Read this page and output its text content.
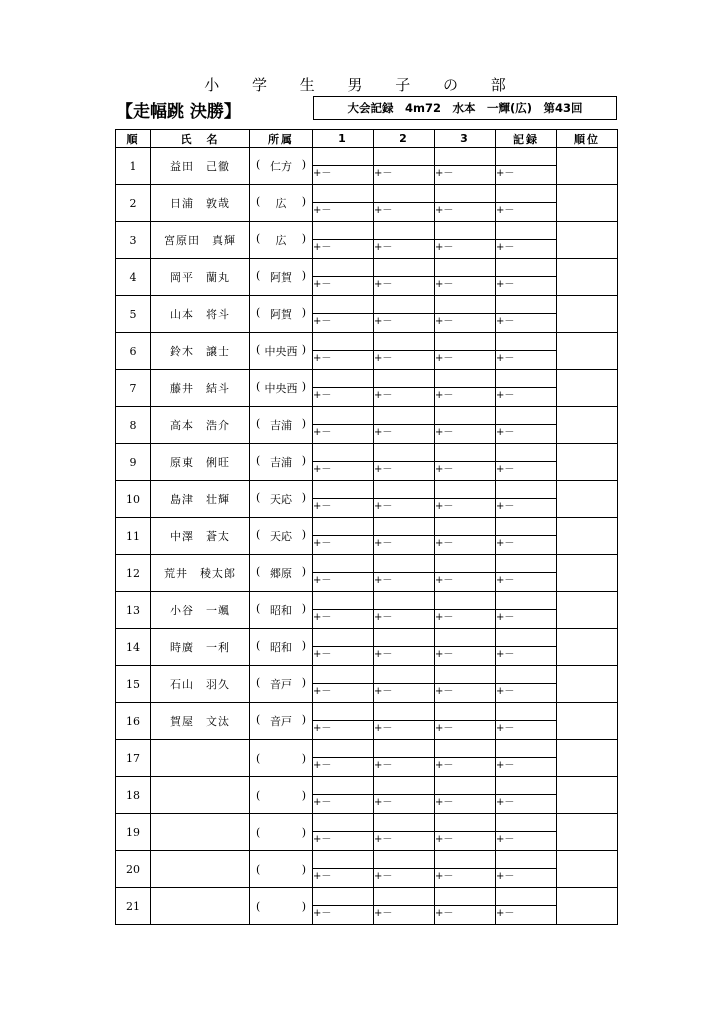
小 学 生 男 子 の 部
【走幅跳 決勝】	大会記録　4m72　水本　一輝(広)　第43回
順	氏　名	所属	1	2	3	記録	順位
1	益田　己徹	( 仁方 )					

			+－	+－	+－	+－	
2	日浦　敦哉	( 広 )					

			+－	+－	+－	+－	
3	宮原田　真輝	( 広 )					

			+－	+－	+－	+－	
4	岡平　蘭丸	( 阿賀 )					

			+－	+－	+－	+－	
5	山本　将斗	( 阿賀 )					

			+－	+－	+－	+－	
6	鈴木　譲士	( 中央西 )					

			+－	+－	+－	+－	
7	藤井　結斗	( 中央西 )					

			+－	+－	+－	+－	
8	高本　浩介	( 吉浦 )					

			+－	+－	+－	+－	
9	原東　俐旺	( 吉浦 )					

			+－	+－	+－	+－	
10	島津　壮輝	( 天応 )					

			+－	+－	+－	+－	
11	中澤　蒼太	( 天応 )					

			+－	+－	+－	+－	
12	荒井　稜太郎	( 郷原 )					

			+－	+－	+－	+－	
13	小谷　一颯	( 昭和 )					

			+－	+－	+－	+－	
14	時廣　一利	( 昭和 )					

			+－	+－	+－	+－	
15	石山　羽久	( 音戸 )					

			+－	+－	+－	+－	
16	賀屋　文汰	( 音戸 )					

			+－	+－	+－	+－	
17		( )					

			+－	+－	+－	+－	
18		( )					

			+－	+－	+－	+－	
19		( )					

			+－	+－	+－	+－	
20		( )					

			+－	+－	+－	+－	
21		( )					

			+－	+－	+－	+－	
